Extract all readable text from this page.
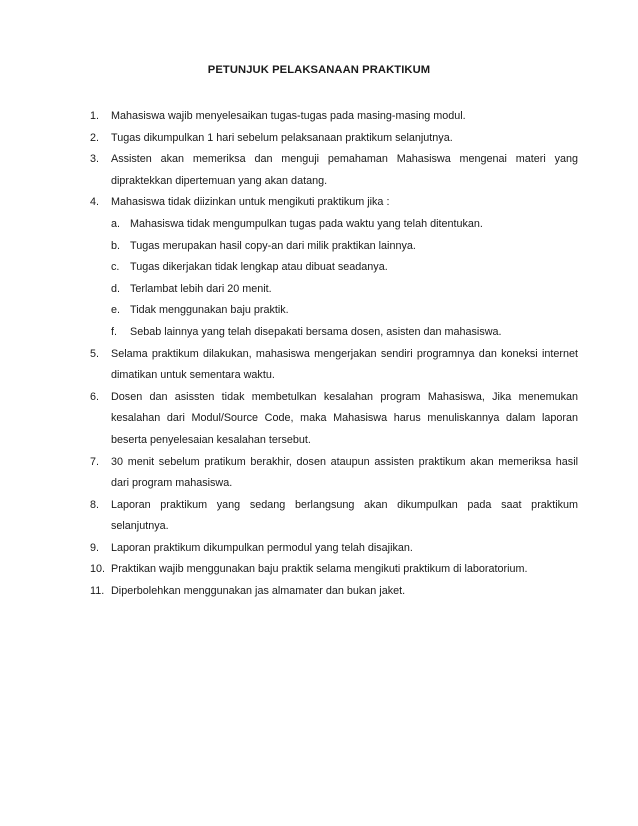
PETUNJUK PELAKSANAAN PRAKTIKUM
1. Mahasiswa wajib menyelesaikan tugas-tugas pada masing-masing modul.
2. Tugas dikumpulkan 1 hari sebelum pelaksanaan praktikum selanjutnya.
3. Assisten akan memeriksa dan menguji pemahaman Mahasiswa mengenai materi yang dipraktekkan dipertemuan yang akan datang.
4. Mahasiswa tidak diizinkan untuk mengikuti praktikum jika :
a. Mahasiswa tidak mengumpulkan tugas pada waktu yang telah ditentukan.
b. Tugas merupakan hasil copy-an dari milik praktikan lainnya.
c. Tugas dikerjakan tidak lengkap atau dibuat seadanya.
d. Terlambat lebih dari 20 menit.
e. Tidak menggunakan baju praktik.
f. Sebab lainnya yang telah disepakati bersama dosen, asisten dan mahasiswa.
5. Selama praktikum dilakukan, mahasiswa mengerjakan sendiri programnya dan koneksi internet dimatikan untuk sementara waktu.
6. Dosen dan asissten tidak membetulkan kesalahan program Mahasiswa, Jika menemukan kesalahan dari Modul/Source Code, maka Mahasiswa harus menuliskannya dalam laporan beserta penyelesaian kesalahan tersebut.
7. 30 menit sebelum pratikum berakhir, dosen ataupun assisten praktikum akan memeriksa hasil dari program mahasiswa.
8. Laporan praktikum yang sedang berlangsung akan dikumpulkan pada saat praktikum selanjutnya.
9. Laporan praktikum dikumpulkan permodul yang telah disajikan.
10. Praktikan wajib menggunakan baju praktik selama mengikuti praktikum di laboratorium.
11. Diperbolehkan menggunakan jas almamater dan bukan jaket.
